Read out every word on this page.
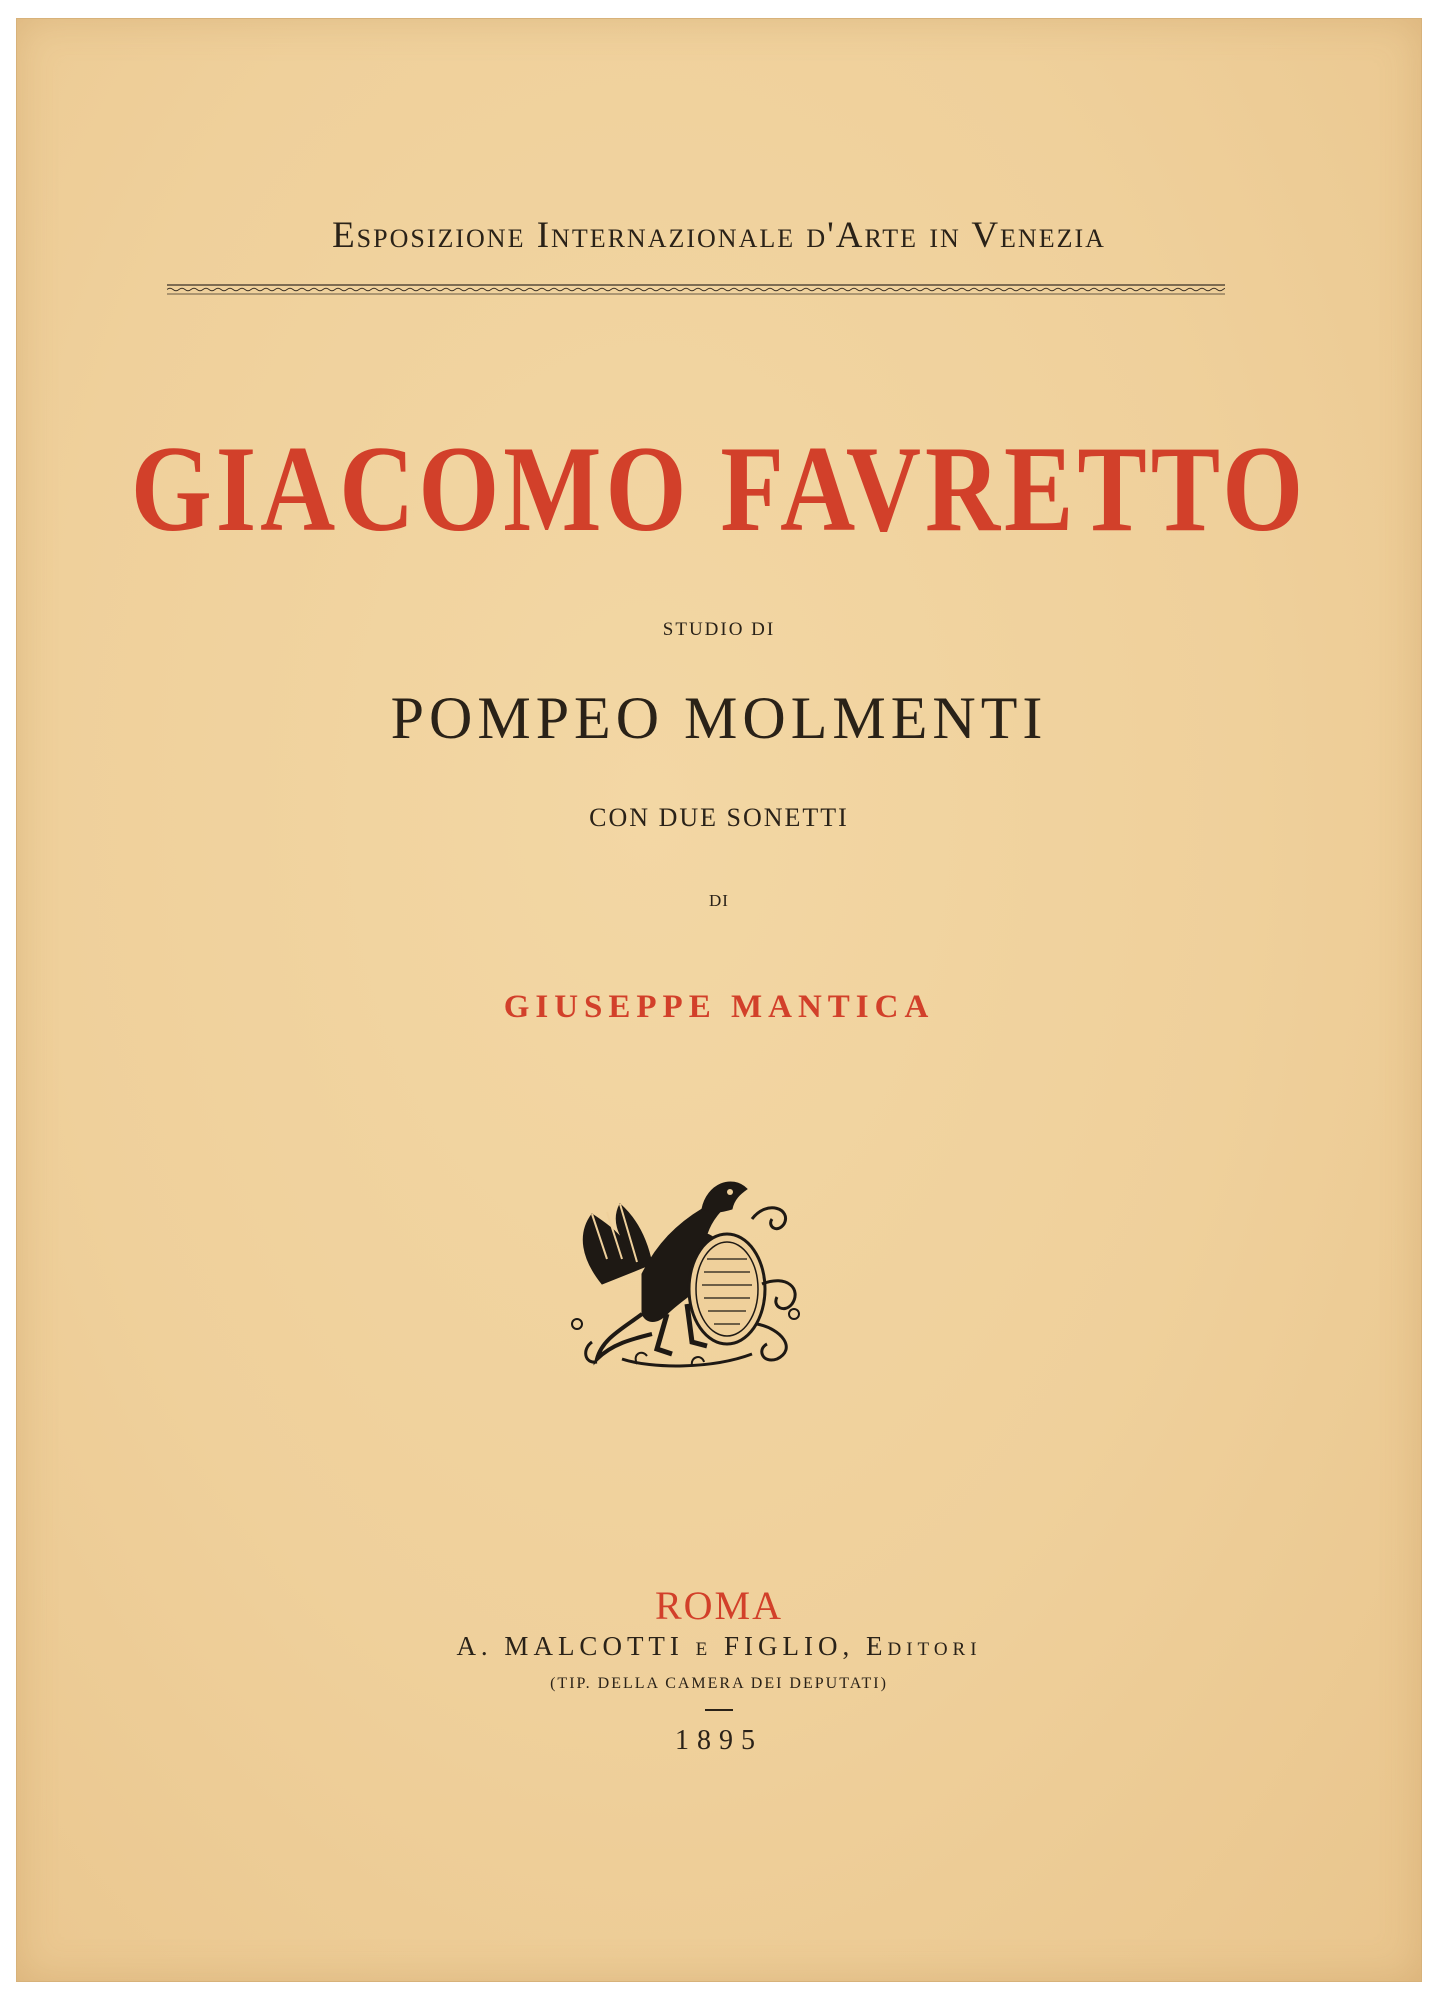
Esposizione Internazionale d'Arte in Venezia

GIACOMO FAVRETTO

STUDIO DI

POMPEO MOLMENTI

CON DUE SONETTI

DI

GIUSEPPE MANTICA

ROMA

A. MALCOTTI e FIGLIO, Editori

(TIP. DELLA CAMERA DEI DEPUTATI)

1895
